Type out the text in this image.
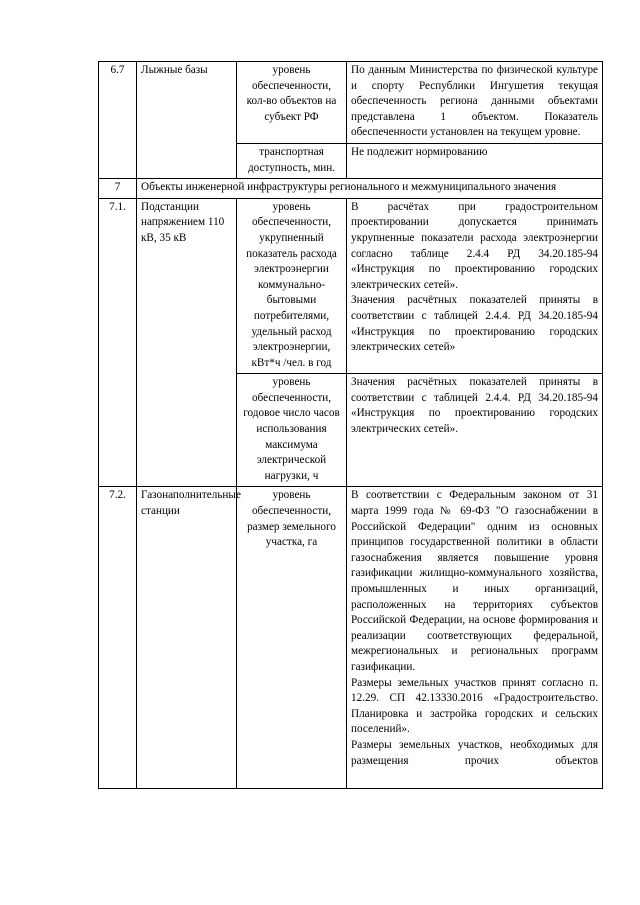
6.7	Лыжные базы	уровень обеспеченности, кол-во объектов на субъект РФ	По данным Министерства по физической культуре и спорту Республики Ингушетия текущая обеспеченность региона данными объектами представлена 1 объектом. Показатель обеспеченности установлен на текущем уровне.
		транспортная доступность, мин.	Не подлежит нормированию
7	Объекты инженерной инфраструктуры регионального и межмуниципального значения		
7.1.	Подстанции напряжением 110 кВ, 35 кВ	уровень обеспеченности, укрупненный показатель расхода электроэнергии коммунально-бытовыми потребителями, удельный расход электроэнергии, кВт*ч /чел. в год	В расчётах при градостроительном проектировании допускается принимать укрупненные показатели расхода электроэнергии согласно таблице 2.4.4 РД 34.20.185-94 «Инструкция по проектированию городских электрических сетей».
Значения расчётных показателей приняты в соответствии с таблицей 2.4.4. РД 34.20.185-94 «Инструкция по проектированию городских электрических сетей»

		уровень обеспеченности, годовое число часов использования максимума электрической нагрузки, ч	Значения расчётных показателей приняты в соответствии с таблицей 2.4.4. РД 34.20.185-94 «Инструкция по проектированию городских электрических сетей».
7.2.	Газонаполнительные станции	уровень обеспеченности, размер земельного участка, га	В соответствии с Федеральным законом от 31 марта 1999 года № 69-ФЗ "О газоснабжении в Российской Федерации" одним из основных принципов государственной политики в области газоснабжения является повышение уровня газификации жилищно-коммунального хозяйства, промышленных и иных организаций, расположенных на территориях субъектов Российской Федерации, на основе формирования и реализации соответствующих федеральной, межрегиональных и региональных программ газификации.
Размеры земельных участков принят согласно п. 12.29. СП 42.13330.2016 «Градостроительство. Планировка и застройка городских и сельских поселений».
Размеры земельных участков, необходимых для размещения прочих объектов
